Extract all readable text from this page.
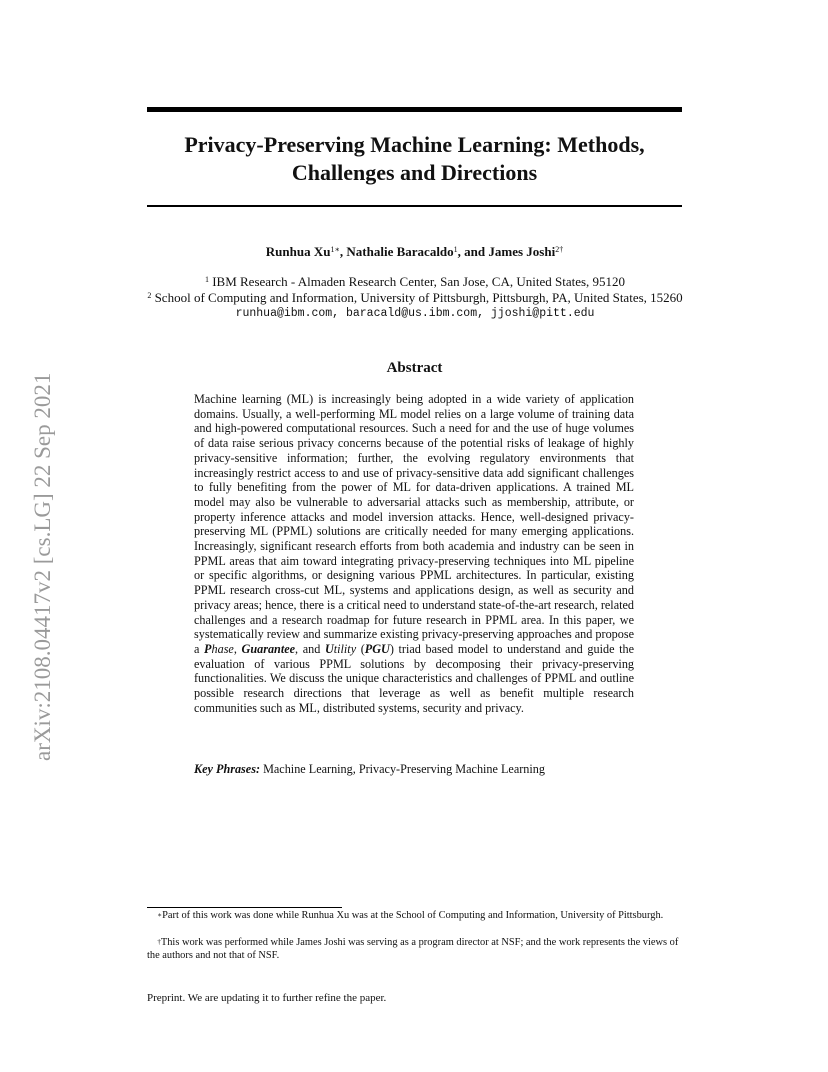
arXiv:2108.04417v2 [cs.LG] 22 Sep 2021
Privacy-Preserving Machine Learning: Methods,
Challenges and Directions
Runhua $Xu^{1∗}$, Nathalie Baracaldo$^1$, and James Joshi$^{2\dagger}$
$^1$ IBM Research - Almaden Research Center, San Jose, CA, United States, 95120
$^2$ School of Computing and Information, University of Pittsburgh, Pittsburgh, PA, United States, 15260
runhua@ibm.com, baracald@us.ibm.com, jjoshi@pitt.edu
Abstract

Machine learning (ML) is increasingly being adopted in a wide variety of application domains. Usually, a well-performing ML model relies on a large volume of training data and high-powered computational resources. Such a need for and the use of huge volumes of data raise serious privacy concerns because of the potential risks of leakage of highly privacy-sensitive information; further, the evolving regulatory environments that increasingly restrict access to and use of privacy-sensitive data add significant challenges to fully benefiting from the power of ML for data-driven applications. A trained ML model may also be vulnerable to adversarial attacks such as membership, attribute, or property inference attacks and model inversion attacks. Hence, well-designed privacy-preserving ML (PPML) solutions are critically needed for many emerging applications. Increasingly, significant research efforts from both academia and industry can be seen in PPML areas that aim toward integrating privacy-preserving techniques into ML pipeline or specific algorithms, or designing various PPML architectures. In particular, existing PPML research cross-cut ML, systems and applications design, as well as security and privacy areas; hence, there is a critical need to understand state-of-the-art research, related challenges and a research roadmap for future research in PPML area. In this paper, we systematically review and summarize existing privacy-preserving approaches and propose a Phase, Guarantee, and Utility (PGU) triad based model to understand and guide the evaluation of various PPML solutions by decomposing their privacy-preserving functionalities. We discuss the unique characteristics and challenges of PPML and outline possible research directions that leverage as well as benefit multiple research communities such as ML, distributed systems, security and privacy.

Key Phrases: Machine Learning, Privacy-Preserving Machine Learning
∗Part of this work was done while Runhua Xu was at the School of Computing and Information, University of Pittsburgh.
†This work was performed while James Joshi was serving as a program director at NSF; and the work represents the views of the authors and not that of NSF.
Preprint. We are updating it to further refine the paper.
